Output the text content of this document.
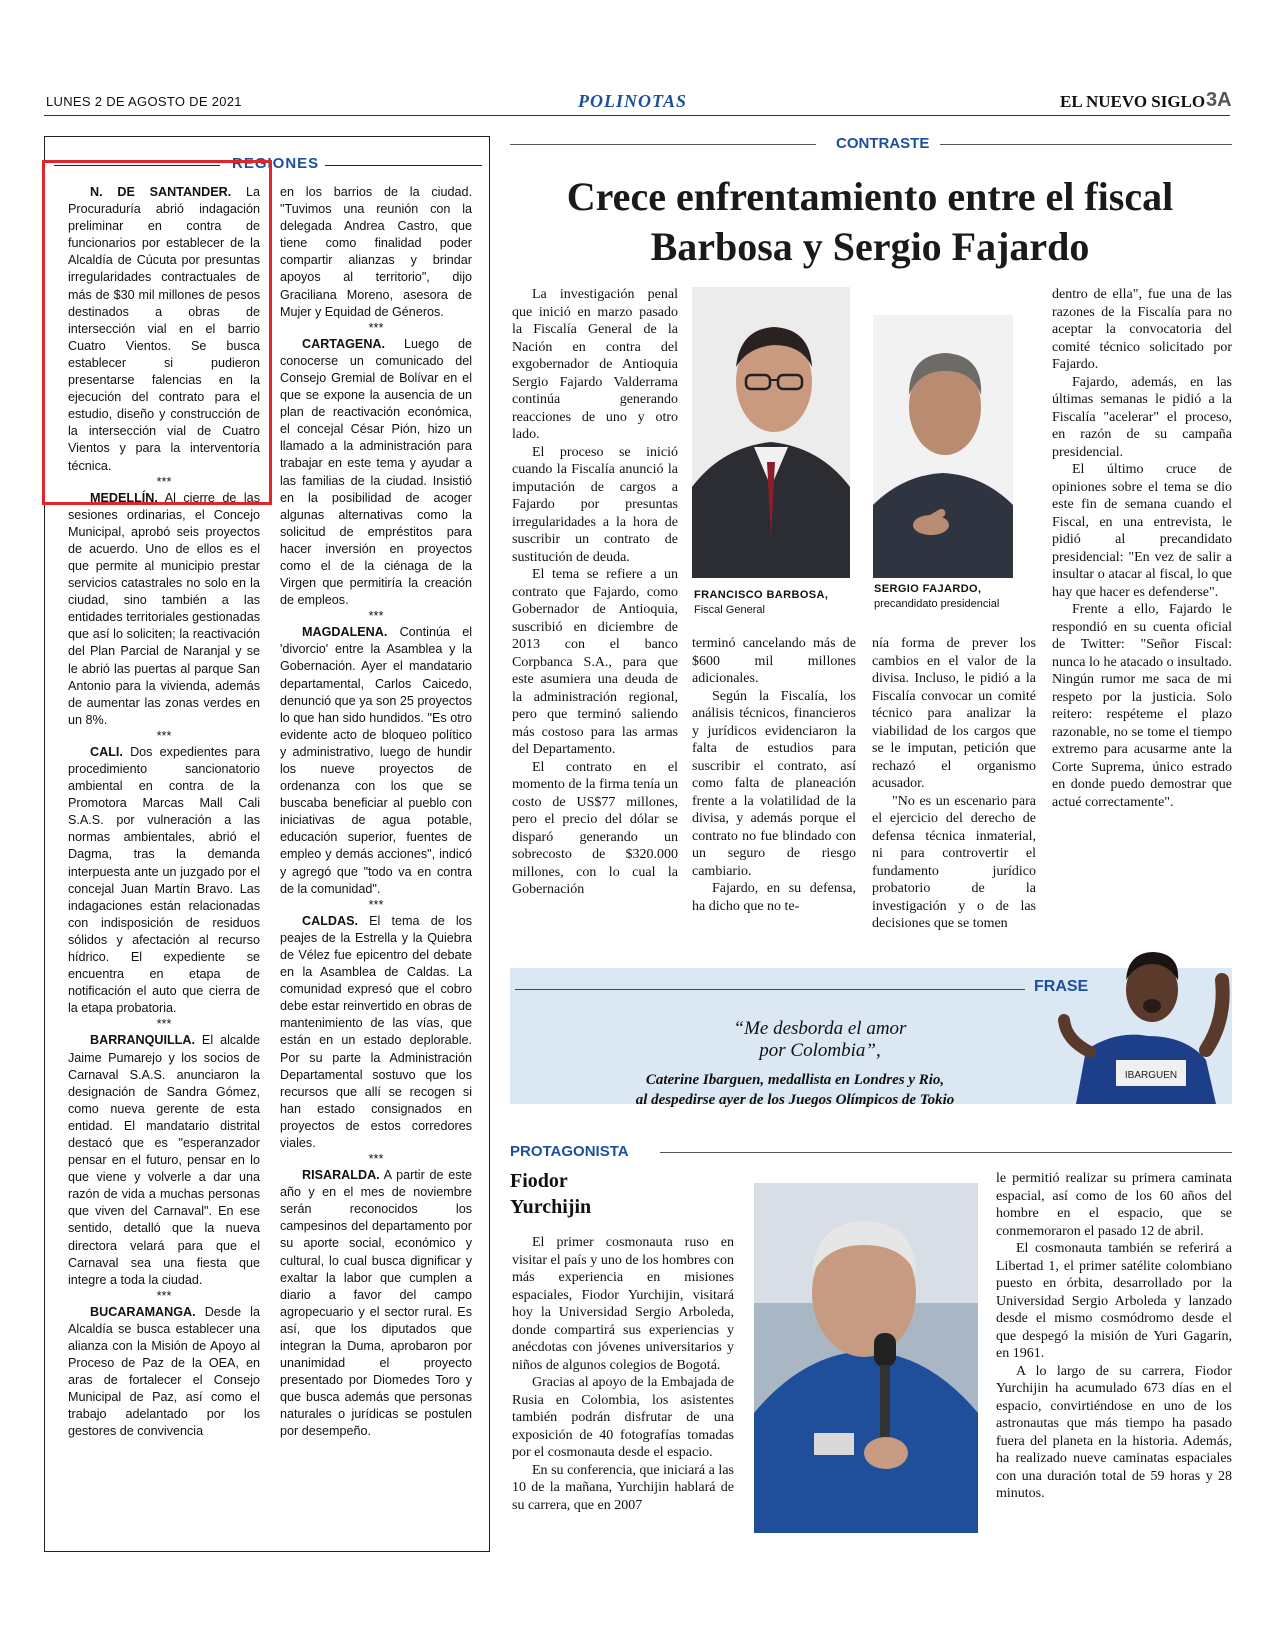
LUNES 2 DE AGOSTO DE 2021	POLINOTAS	EL NUEVO SIGLO 3A
REGIONES

N. DE SANTANDER. La Procuraduría abrió indagación preliminar en contra de funcionarios por establecer de la Alcaldía de Cúcuta por presuntas irregularidades contractuales de más de $30 mil millones de pesos destinados a obras de intersección vial en el barrio Cuatro Vientos. Se busca establecer si pudieron presentarse falencias en la ejecución del contrato para el estudio, diseño y construcción de la intersección vial de Cuatro Vientos y para la interventoría técnica.

***

MEDELLÍN. Al cierre de las sesiones ordinarias, el Concejo Municipal, aprobó seis proyectos de acuerdo. Uno de ellos es el que permite al municipio prestar servicios catastrales no solo en la ciudad, sino también a las entidades territoriales gestionadas que así lo soliciten; la reactivación del Plan Parcial de Naranjal y se le abrió las puertas al parque San Antonio para la vivienda, además de aumentar las zonas verdes en un 8%.

***

CALI. Dos expedientes para procedimiento sancionatorio ambiental en contra de la Promotora Marcas Mall Cali S.A.S. por vulneración a las normas ambientales, abrió el Dagma, tras la demanda interpuesta ante un juzgado por el concejal Juan Martín Bravo. Las indagaciones están relacionadas con indisposición de residuos sólidos y afectación al recurso hídrico. El expediente se encuentra en etapa de notificación el auto que cierra de la etapa probatoria.

***

BARRANQUILLA. El alcalde Jaime Pumarejo y los socios de Carnaval S.A.S. anunciaron la designación de Sandra Gómez, como nueva gerente de esta entidad. El mandatario distrital destacó que es "esperanzador pensar en el futuro, pensar en lo que viene y volverle a dar una razón de vida a muchas personas que viven del Carnaval". En ese sentido, detalló que la nueva directora velará para que el Carnaval sea una fiesta que integre a toda la ciudad.

***

BUCARAMANGA. Desde la Alcaldía se busca establecer una alianza con la Misión de Apoyo al Proceso de Paz de la OEA, en aras de fortalecer el Consejo Municipal de Paz, así como el trabajo adelantado por los gestores de convivencia

en los barrios de la ciudad. "Tuvimos una reunión con la delegada Andrea Castro, que tiene como finalidad poder compartir alianzas y brindar apoyos al territorio", dijo Graciliana Moreno, asesora de Mujer y Equidad de Géneros.

***

CARTAGENA. Luego de conocerse un comunicado del Consejo Gremial de Bolívar en el que se expone la ausencia de un plan de reactivación económica, el concejal César Pión, hizo un llamado a la administración para trabajar en este tema y ayudar a las familias de la ciudad. Insistió en la posibilidad de acoger algunas alternativas como la solicitud de empréstitos para hacer inversión en proyectos como el de la ciénaga de la Virgen que permitiría la creación de empleos.

***

MAGDALENA. Continúa el 'divorcio' entre la Asamblea y la Gobernación. Ayer el mandatario departamental, Carlos Caicedo, denunció que ya son 25 proyectos lo que han sido hundidos. "Es otro evidente acto de bloqueo político y administrativo, luego de hundir los nueve proyectos de ordenanza con los que se buscaba beneficiar al pueblo con iniciativas de agua potable, educación superior, fuentes de empleo y demás acciones", indicó y agregó que "todo va en contra de la comunidad".

***

CALDAS. El tema de los peajes de la Estrella y la Quiebra de Vélez fue epicentro del debate en la Asamblea de Caldas. La comunidad expresó que el cobro debe estar reinvertido en obras de mantenimiento de las vías, que están en un estado deplorable. Por su parte la Administración Departamental sostuvo que los recursos que allí se recogen si han estado consignados en proyectos de estos corredores viales.

***

RISARALDA. A partir de este año y en el mes de noviembre serán reconocidos los campesinos del departamento por su aporte social, económico y cultural, lo cual busca dignificar y exaltar la labor que cumplen a diario a favor del campo agropecuario y el sector rural. Es así, que los diputados que integran la Duma, aprobaron por unanimidad el proyecto presentado por Diomedes Toro y que busca además que personas naturales o jurídicas se postulen por desempeño.

CONTRASTE
Crece enfrentamiento entre el fiscal Barbosa y Sergio Fajardo

La investigación penal que inició en marzo pasado la Fiscalía General de la Nación en contra del exgobernador de Antioquia Sergio Fajardo Valderrama continúa generando reacciones de uno y otro lado.

El proceso se inició cuando la Fiscalía anunció la imputación de cargos a Fajardo por presuntas irregularidades a la hora de suscribir un contrato de sustitución de deuda.

El tema se refiere a un contrato que Fajardo, como Gobernador de Antioquia, suscribió en diciembre de 2013 con el banco Corpbanca S.A., para que este asumiera una deuda de la administración regional, pero que terminó saliendo más costoso para las armas del Departamento.

El contrato en el momento de la firma tenía un costo de US$77 millones, pero el precio del dólar se disparó generando un sobrecosto de $320.000 millones, con lo cual la Gobernación

FRANCISCO BARBOSA,
Fiscal General
SERGIO FAJARDO,
precandidato presidencial

terminó cancelando más de $600 mil millones adicionales.

Según la Fiscalía, los análisis técnicos, financieros y jurídicos evidenciaron la falta de estudios para suscribir el contrato, así como falta de planeación frente a la volatilidad de la divisa, y además porque el contrato no fue blindado con un seguro de riesgo cambiario.

Fajardo, en su defensa, ha dicho que no te-

nía forma de prever los cambios en el valor de la divisa. Incluso, le pidió a la Fiscalía convocar un comité técnico para analizar la viabilidad de los cargos que se le imputan, petición que rechazó el organismo acusador.

"No es un escenario para el ejercicio del derecho de defensa técnica inmaterial, ni para controvertir el fundamento jurídico probatorio de la investigación y o de las decisiones que se tomen

dentro de ella", fue una de las razones de la Fiscalía para no aceptar la convocatoria del comité técnico solicitado por Fajardo.

Fajardo, además, en las últimas semanas le pidió a la Fiscalía "acelerar" el proceso, en razón de su campaña presidencial.

El último cruce de opiniones sobre el tema se dio este fin de semana cuando el Fiscal, en una entrevista, le pidió al precandidato presidencial: "En vez de salir a insultar o atacar al fiscal, lo que hay que hacer es defenderse".

Frente a ello, Fajardo le respondió en su cuenta oficial de Twitter: "Señor Fiscal: nunca lo he atacado o insultado. Ningún rumor me saca de mi respeto por la justicia. Solo reitero: respéteme el plazo razonable, no se tome el tiempo extremo para acusarme ante la Corte Suprema, único estrado en donde puedo demostrar que actué correctamente".

FRASE
“Me desborda el amor
por Colombia”,
Caterine Ibarguen, medallista en Londres y Rio,
al despedirse ayer de los Juegos Olímpicos de Tokio
IBARGUEN
PROTAGONISTA
Fiodor
Yurchijin

El primer cosmonauta ruso en visitar el país y uno de los hombres con más experiencia en misiones espaciales, Fiodor Yurchijin, visitará hoy la Universidad Sergio Arboleda, donde compartirá sus experiencias y anécdotas con jóvenes universitarios y niños de algunos colegios de Bogotá.

Gracias al apoyo de la Embajada de Rusia en Colombia, los asistentes también podrán disfrutar de una exposición de 40 fotografías tomadas por el cosmonauta desde el espacio.

En su conferencia, que iniciará a las 10 de la mañana, Yurchijin hablará de su carrera, que en 2007

le permitió realizar su primera caminata espacial, así como de los 60 años del hombre en el espacio, que se conmemoraron el pasado 12 de abril.

El cosmonauta también se referirá a Libertad 1, el primer satélite colombiano puesto en órbita, desarrollado por la Universidad Sergio Arboleda y lanzado desde el mismo cosmódromo desde el que despegó la misión de Yuri Gagarin, en 1961.

A lo largo de su carrera, Fiodor Yurchijin ha acumulado 673 días en el espacio, convirtiéndose en uno de los astronautas que más tiempo ha pasado fuera del planeta en la historia. Además, ha realizado nueve caminatas espaciales con una duración total de 59 horas y 28 minutos.
